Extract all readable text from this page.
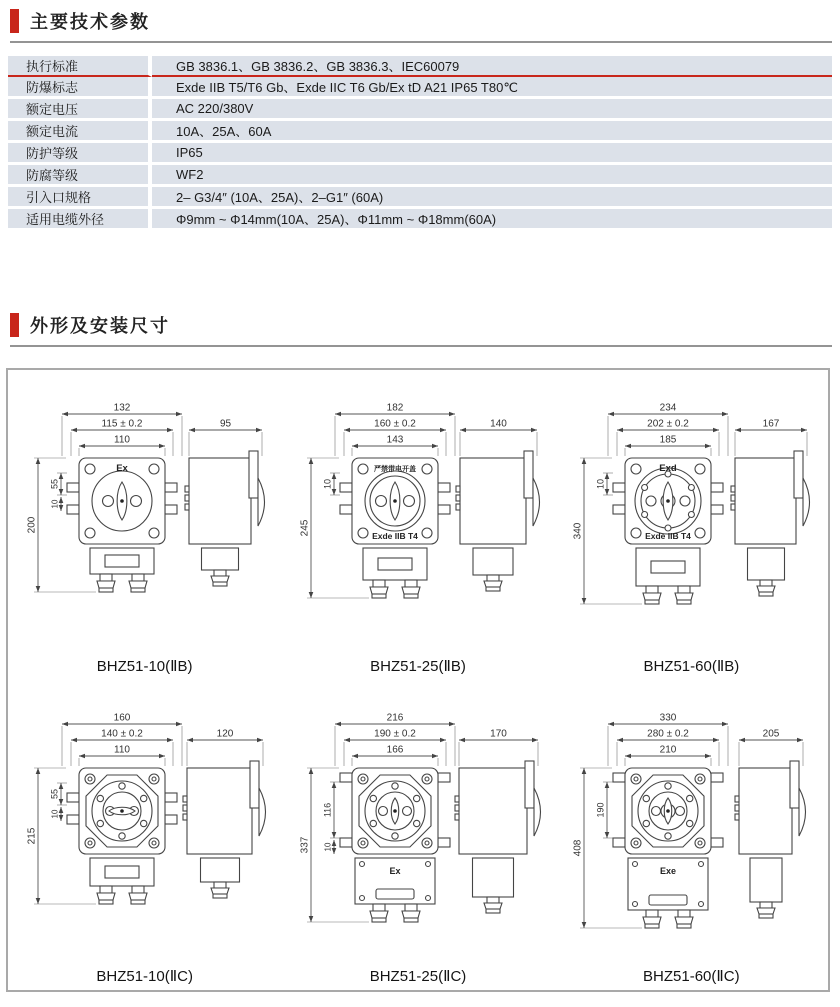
主要技术参数
执行标准	GB 3836.1、GB 3836.2、GB 3836.3、IEC60079
防爆标志	Exde IIB T5/T6 Gb、Exde IIC T6 Gb/Ex tD A21 IP65 T80℃
额定电压	AC 220/380V
额定电流	10A、25A、60A
防护等级	IP65
防腐等级	WF2
引入口规格	2– G3/4″ (10A、25A)、2–G1″ (60A)
适用电缆外径	Φ9mm ~ Φ14mm(10A、25A)、Φ11mm ~ Φ18mm(60A)
外形及安装尺寸
132
115 ± 0.2
110
200
55
10
Ex
95
BHZ51-10(ⅡB)
182
160 ± 0.2
143
245
10
严禁带电开盖
Exde IIB T4
140
BHZ51-25(ⅡB)
234
202 ± 0.2
185
340
10
Exd
Exde IIB T4
167
BHZ51-60(ⅡB)
160
140 ± 0.2
110
215
55
10
120
BHZ51-10(ⅡC)
216
190 ± 0.2
166
337
116
10
Ex
170
BHZ51-25(ⅡC)
330
280 ± 0.2
210
408
190
Exe
205
BHZ51-60(ⅡC)
